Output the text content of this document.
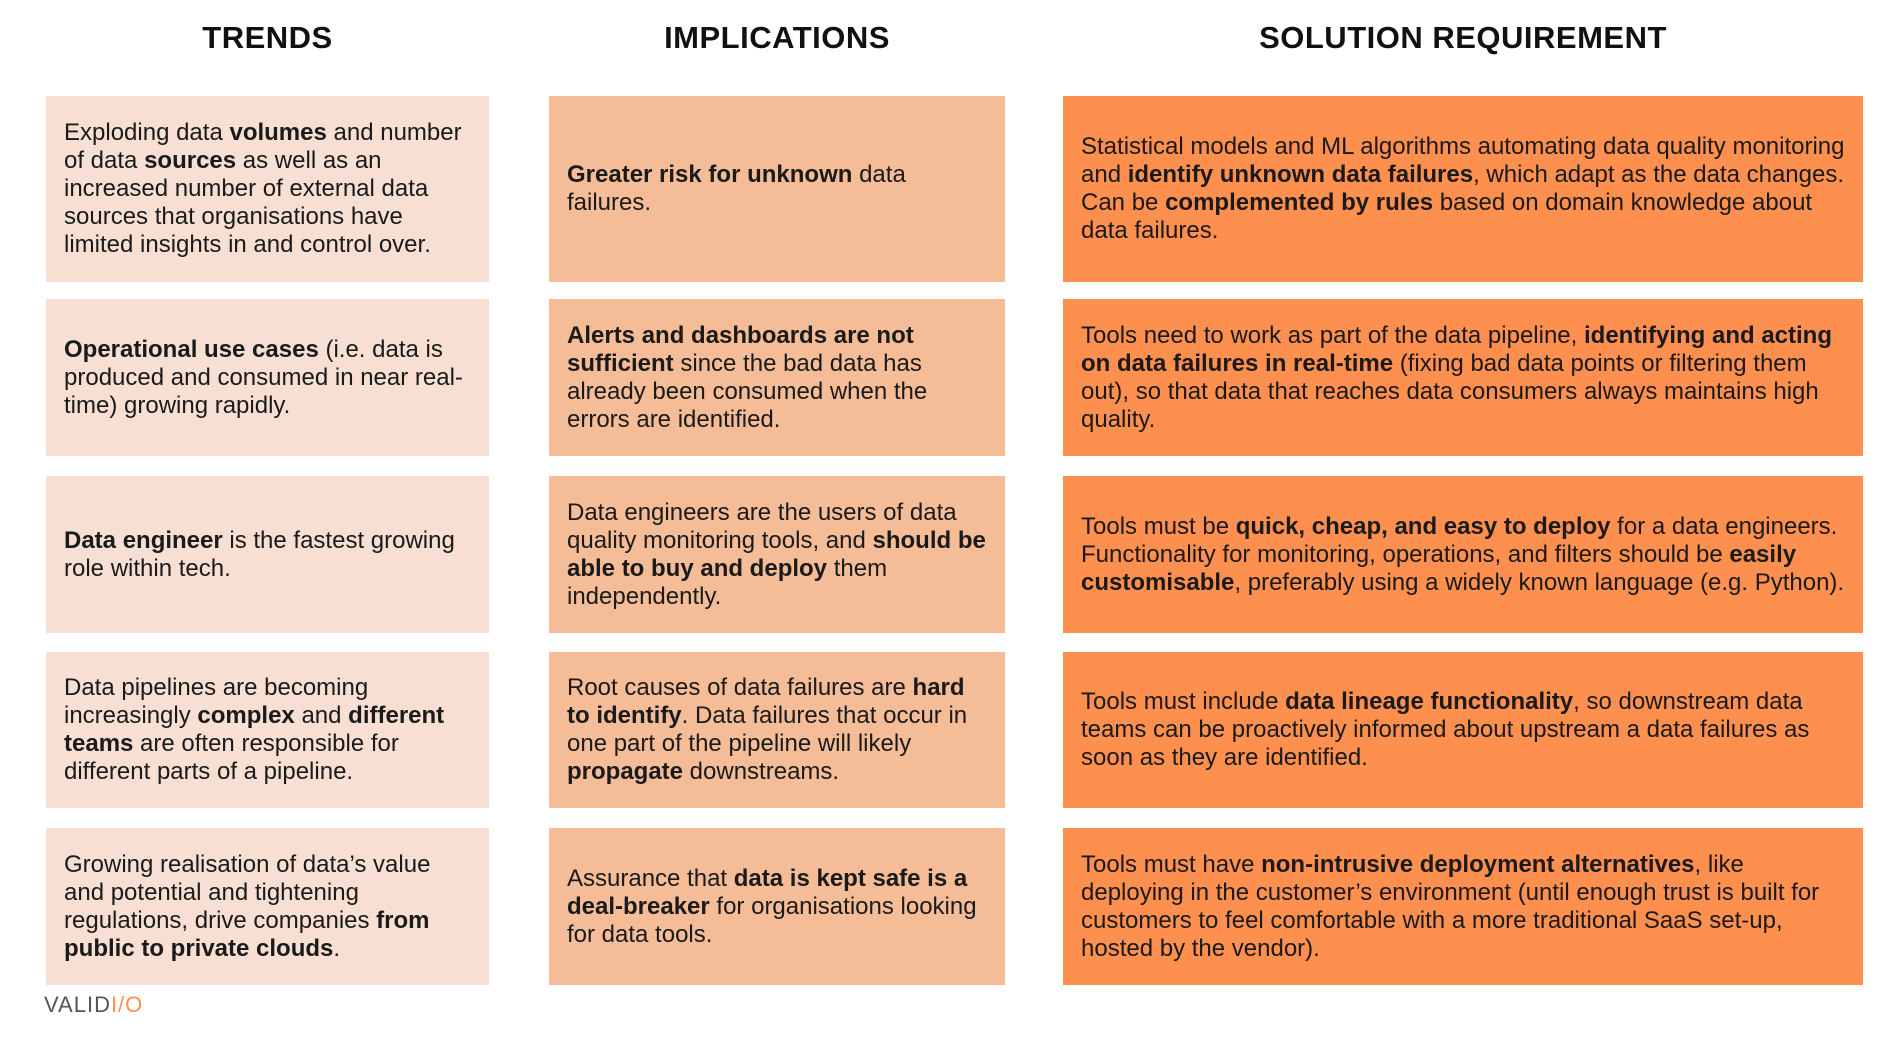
TRENDS	IMPLICATIONS	SOLUTION REQUIREMENT
Exploding data volumes and number of data sources as well as an increased number of external data sources that organisations have limited insights in and control over.
Greater risk for unknown data failures.
Statistical models and ML algorithms automating data quality monitoring and identify unknown data failures, which adapt as the data changes. Can be complemented by rules based on domain knowledge about data failures.
Operational use cases (i.e. data is produced and consumed in near real-time) growing rapidly.
Alerts and dashboards are not sufficient since the bad data has already been consumed when the errors are identified.
Tools need to work as part of the data pipeline, identifying and acting on data failures in real-time (fixing bad data points or filtering them out), so that data that reaches data consumers always maintains high quality.
Data engineer is the fastest growing role within tech.
Data engineers are the users of data quality monitoring tools, and should be able to buy and deploy them independently.
Tools must be quick, cheap, and easy to deploy for a data engineers. Functionality for monitoring, operations, and filters should be easily customisable, preferably using a widely known language (e.g. Python).
Data pipelines are becoming increasingly complex and different teams are often responsible for different parts of a pipeline.
Root causes of data failures are hard to identify. Data failures that occur in one part of the pipeline will likely propagate downstreams.
Tools must include data lineage functionality, so downstream data teams can be proactively informed about upstream a data failures as soon as they are identified.
Growing realisation of data’s value and potential and tightening regulations, drive companies from public to private clouds.
Assurance that data is kept safe is a deal-breaker for organisations looking for data tools.
Tools must have non-intrusive deployment alternatives, like deploying in the customer’s environment (until enough trust is built for customers to feel comfortable with a more traditional SaaS set-up, hosted by the vendor).
VALIDI/O
